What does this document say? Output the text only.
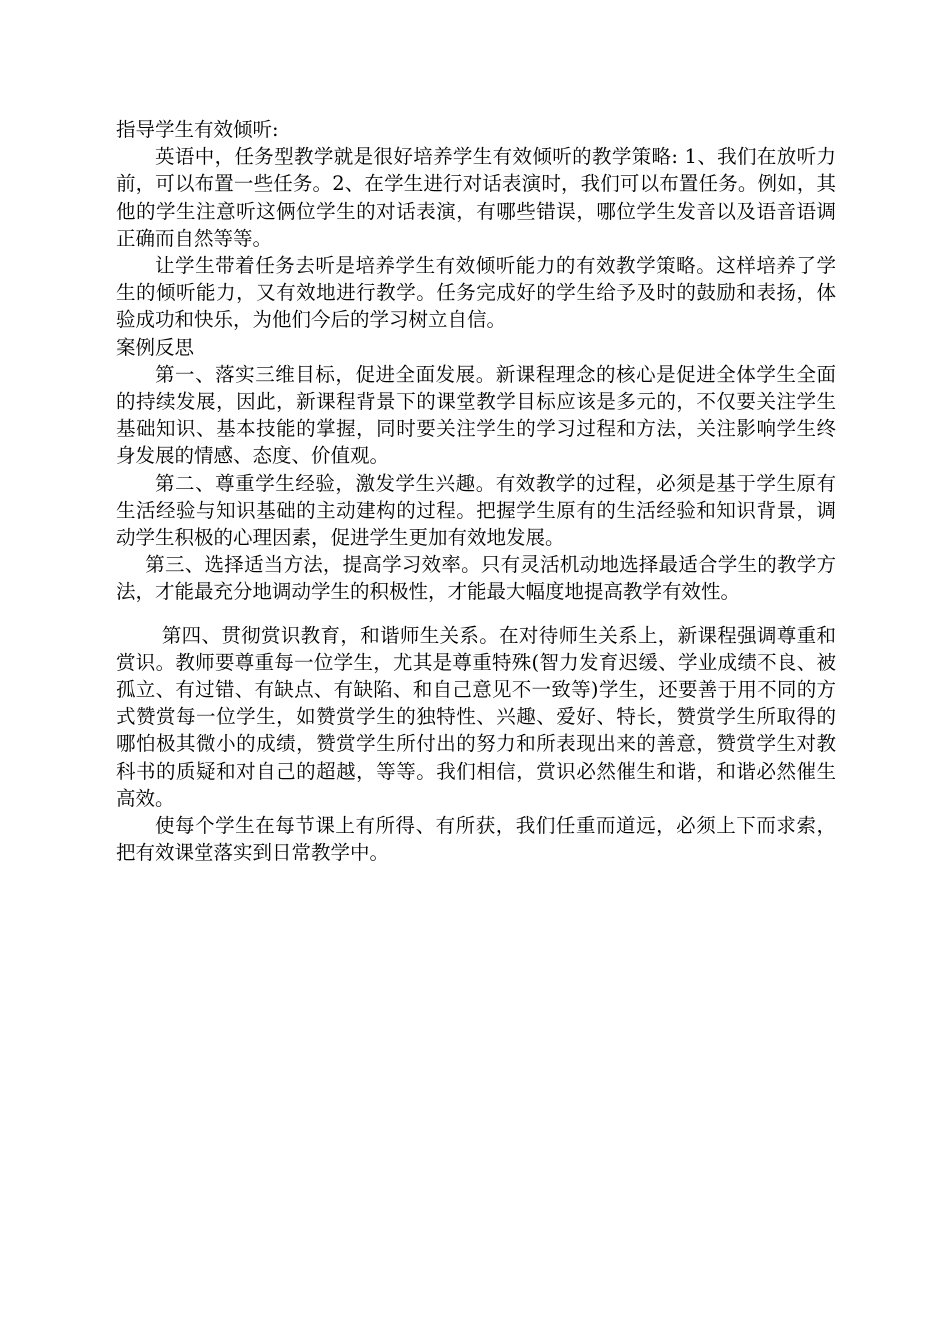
指导学生有效倾听:

英语中，任务型教学就是很好培养学生有效倾听的教学策略: 1、我们在放听力前，可以布置一些任务。2、在学生进行对话表演时，我们可以布置任务。例如，其他的学生注意听这俩位学生的对话表演，有哪些错误，哪位学生发音以及语音语调正确而自然等等。

让学生带着任务去听是培养学生有效倾听能力的有效教学策略。这样培养了学生的倾听能力，又有效地进行教学。任务完成好的学生给予及时的鼓励和表扬，体验成功和快乐，为他们今后的学习树立自信。

案例反思

第一、落实三维目标，促进全面发展。新课程理念的核心是促进全体学生全面的持续发展，因此，新课程背景下的课堂教学目标应该是多元的，不仅要关注学生基础知识、基本技能的掌握，同时要关注学生的学习过程和方法，关注影响学生终身发展的情感、态度、价值观。

第二、尊重学生经验，激发学生兴趣。有效教学的过程，必须是基于学生原有生活经验与知识基础的主动建构的过程。把握学生原有的生活经验和知识背景，调动学生积极的心理因素，促进学生更加有效地发展。

第三、选择适当方法，提高学习效率。只有灵活机动地选择最适合学生的教学方法，才能最充分地调动学生的积极性，才能最大幅度地提高教学有效性。

第四、贯彻赏识教育，和谐师生关系。在对待师生关系上，新课程强调尊重和赏识。教师要尊重每一位学生，尤其是尊重特殊(智力发育迟缓、学业成绩不良、被孤立、有过错、有缺点、有缺陷、和自己意见不一致等)学生，还要善于用不同的方式赞赏每一位学生，如赞赏学生的独特性、兴趣、爱好、特长，赞赏学生所取得的哪怕极其微小的成绩，赞赏学生所付出的努力和所表现出来的善意，赞赏学生对教科书的质疑和对自己的超越，等等。我们相信，赏识必然催生和谐，和谐必然催生高效。

使每个学生在每节课上有所得、有所获，我们任重而道远，必须上下而求索，把有效课堂落实到日常教学中。
